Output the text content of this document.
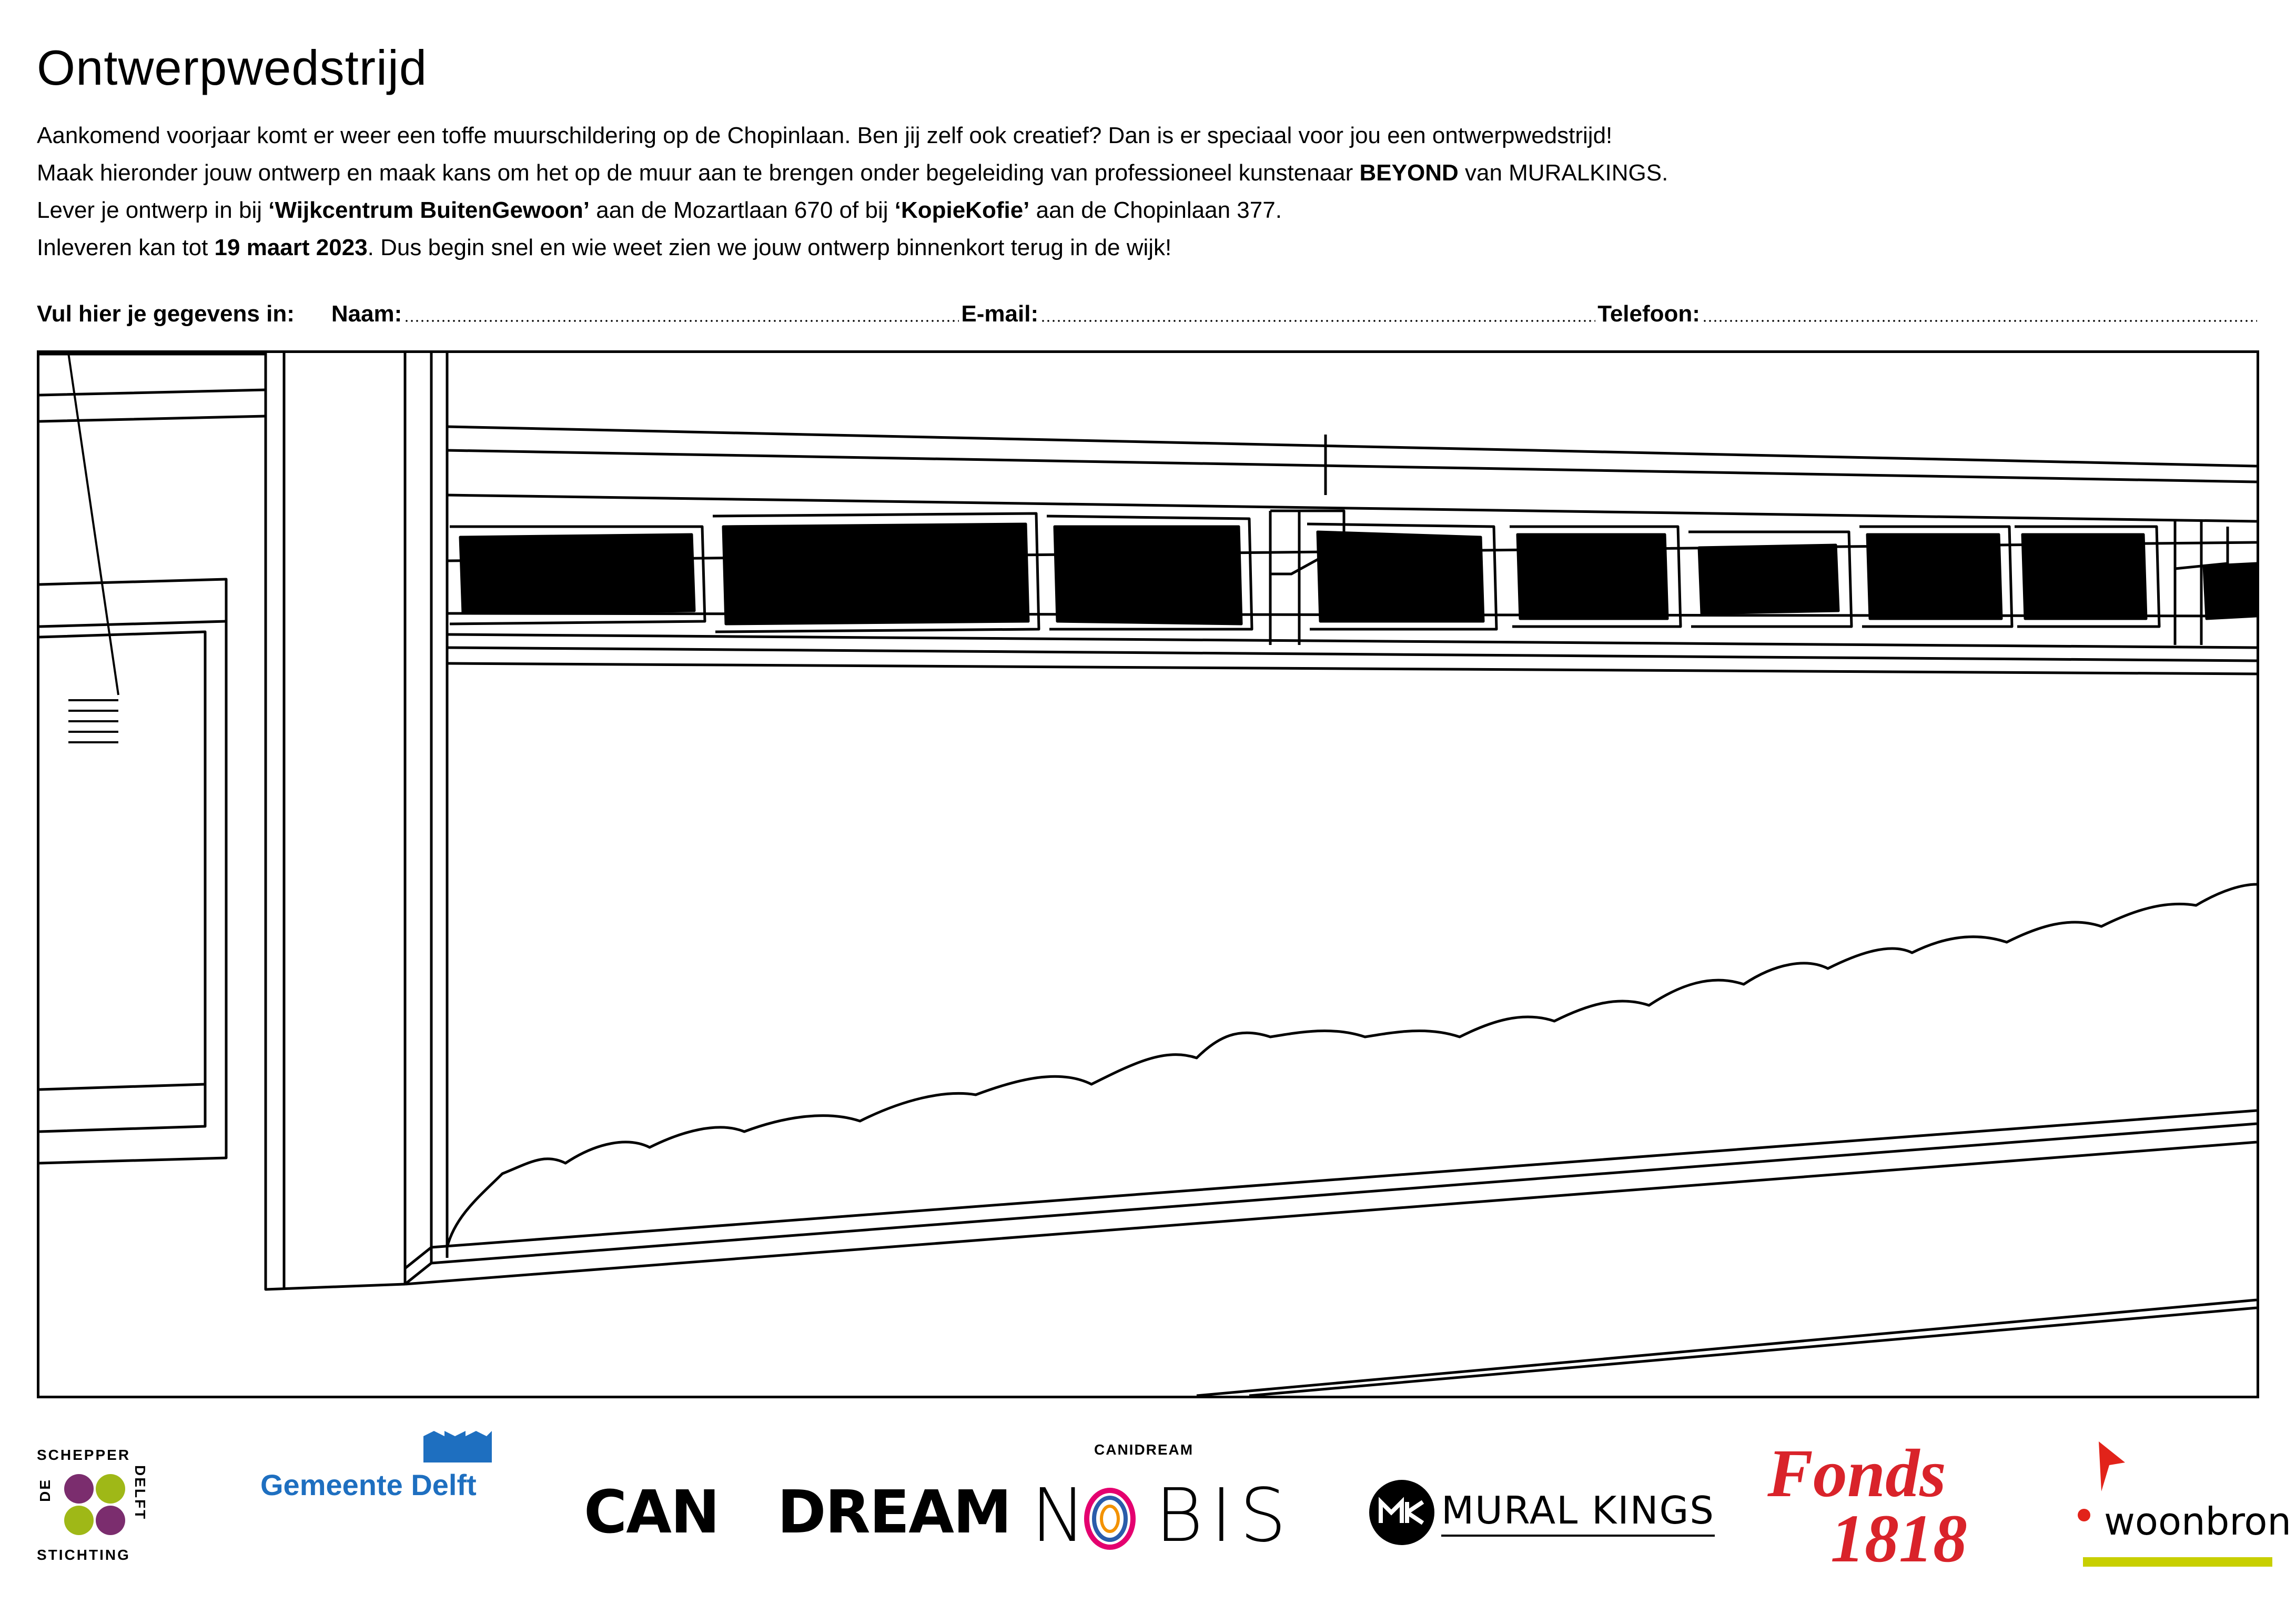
Ontwerpwedstrijd

Aankomend voorjaar komt er weer een toffe muurschildering op de Chopinlaan. Ben jij zelf ook creatief? Dan is er speciaal voor jou een ontwerpwedstrijd!

Maak hieronder jouw ontwerp en maak kans om het op de muur aan te brengen onder begeleiding van professioneel kunstenaar BEYOND van MURALKINGS.

Lever je ontwerp in bij ‘Wijkcentrum BuitenGewoon’ aan de Mozartlaan 670 of bij ‘KopieKofie’ aan de Chopinlaan 377.

Inleveren kan tot 19 maart 2023. Dus begin snel en wie weet zien we jouw ontwerp binnenkort terug in de wijk!

Vul hier je gegevens in: Naam:	E-mail:	Telefoon:
SCHEPPER
STICHTING
DE	DELFT	Gemeente Delft CAN   DREAM
CANIDREAM
N  BIS	MURAL KINGS Fonds
1818	woonbron
